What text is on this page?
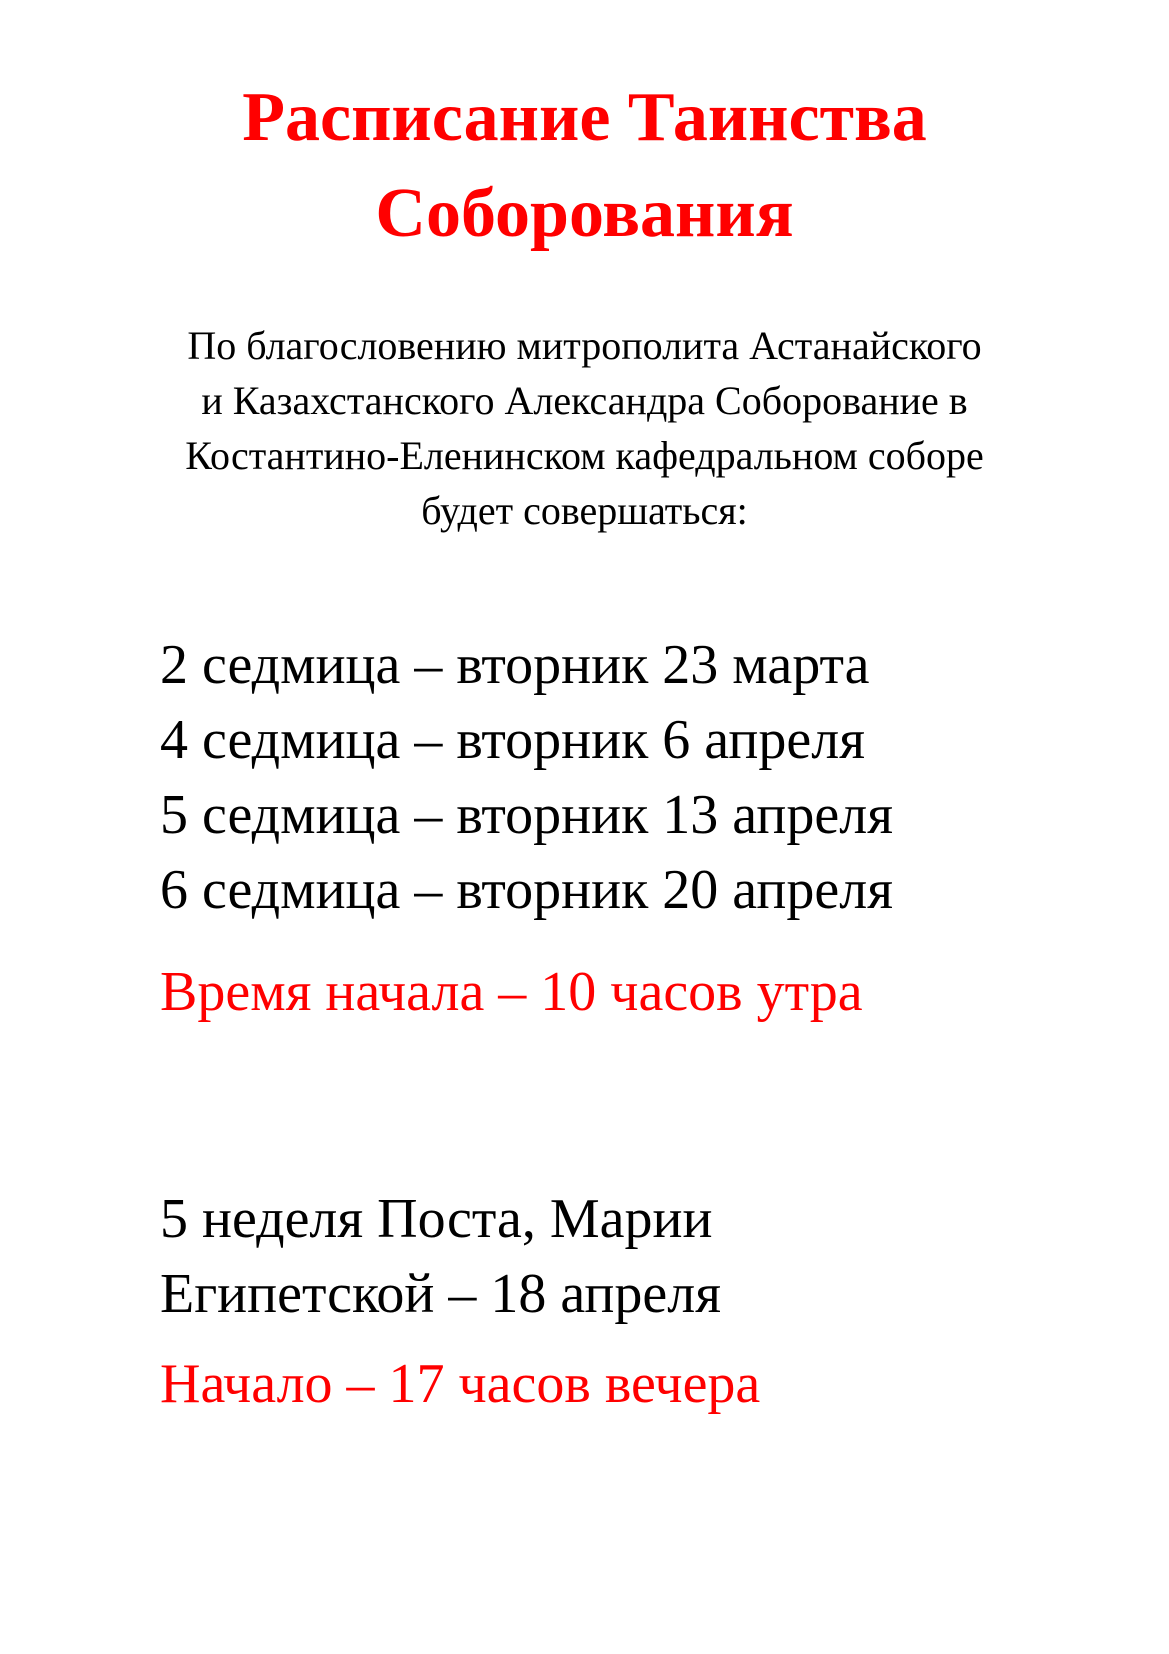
Расписание Таинства
Соборования

По благословению митрополита Астанайского
и Казахстанского Александра Соборование в
Костантино-Еленинском кафедральном соборе
будет совершаться:

2 седмица – вторник 23 марта
4 седмица – вторник 6 апреля
5 седмица – вторник 13 апреля
6 седмица – вторник 20 апреля

Время начала – 10 часов утра

5 неделя Поста, Марии
Египетской – 18 апреля

Начало – 17 часов вечера
